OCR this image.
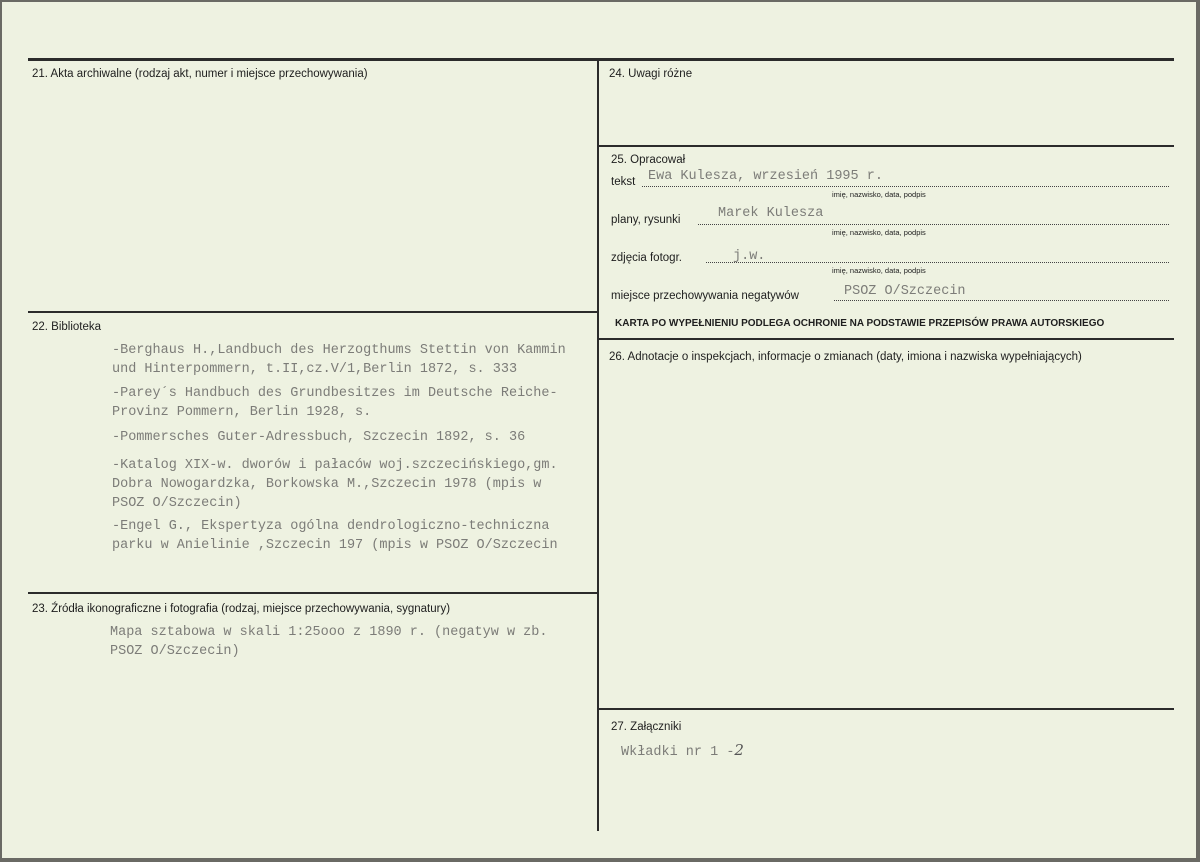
21. Akta archiwalne (rodzaj akt, numer i miejsce przechowywania)
22. Biblioteka
-Berghaus H.,Landbuch des Herzogthums Stettin von Kammin
und Hinterpommern, t.II,cz.V/1,Berlin 1872, s. 333
-Parey´s Handbuch des Grundbesitzes im Deutsche Reiche-
Provinz Pommern, Berlin 1928, s.
-Pommersches Guter-Adressbuch, Szczecin 1892, s. 36
-Katalog XIX-w. dworów i pałaców woj.szczecińskiego,gm.
Dobra Nowogardzka, Borkowska M.,Szczecin 1978 (mpis w
PSOZ O/Szczecin)
-Engel G., Ekspertyza ogólna dendrologiczno-techniczna
parku w Anielinie ,Szczecin 197 (mpis w PSOZ O/Szczecin
23. Źródła ikonograficzne i fotografia (rodzaj, miejsce przechowywania, sygnatury)
Mapa sztabowa w skali 1:25ooo z 1890 r. (negatyw w zb.
PSOZ O/Szczecin)
24. Uwagi różne
25. Opracował
tekst Ewa Kulesza, wrzesień 1995 r.
imię, nazwisko, data, podpis
plany, rysunki	Marek Kulesza
imię, nazwisko, data, podpis
zdjęcia fotogr.	j.w.
imię, nazwisko, data, podpis
miejsce przechowywania negatywów	PSOZ O/Szczecin
KARTA PO WYPEŁNIENIU PODLEGA OCHRONIE NA PODSTAWIE PRZEPISÓW PRAWA AUTORSKIEGO
26. Adnotacje o inspekcjach, informacje o zmianach (daty, imiona i nazwiska wypełniających)
27. Załączniki
Wkładki nr 1 -2
